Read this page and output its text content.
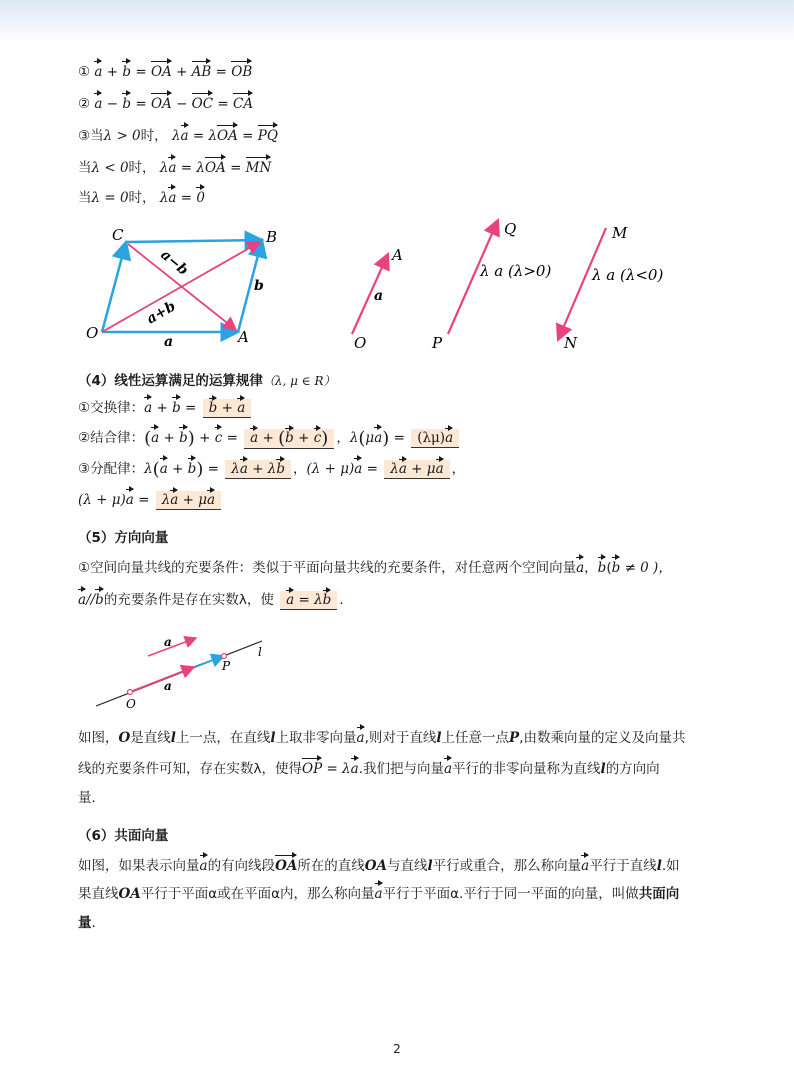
① a + b = OA + AB = OB
② a − b = OA − OC = CA
③当λ > 0时， λa = λOA = PQ
当λ < 0时， λa = λOA = MN
当λ = 0时， λa = 0
C	B
O	A
a−b
a+b
a
b
A
a
O	P
Q
λ a (λ>0)
M
N
λ a (λ<0)
（4）线性运算满足的运算规律（λ, μ ∈ R）
①交换律：a + b = b + a
②结合律：(a + b) + c = a + (b + c) ，λ(μa) = (λμ)a
③分配律：λ(a + b) = λa + λb ，(λ + μ)a = λa + μa ，
(λ + μ)a = λa + μa
（5）方向向量
①空间向量共线的充要条件：类似于平面向量共线的充要条件，对任意两个空间向量a，b(b ≠ 0 )，
a//b的充要条件是存在实数λ，使 a = λb ．
a
a
P
O
l
如图，O是直线l上一点，在直线l上取非零向量a,则对于直线l上任意一点P,由数乘向量的定义及向量共
线的充要条件可知，存在实数λ，使得OP = λa.我们把与向量a平行的非零向量称为直线l的方向向
量．
（6）共面向量
如图，如果表示向量a的有向线段OA所在的直线OA与直线l平行或重合，那么称向量a平行于直线l.如
果直线OA平行于平面α或在平面α内，那么称向量a平行于平面α.平行于同一平面的向量，叫做共面向
量．
2
